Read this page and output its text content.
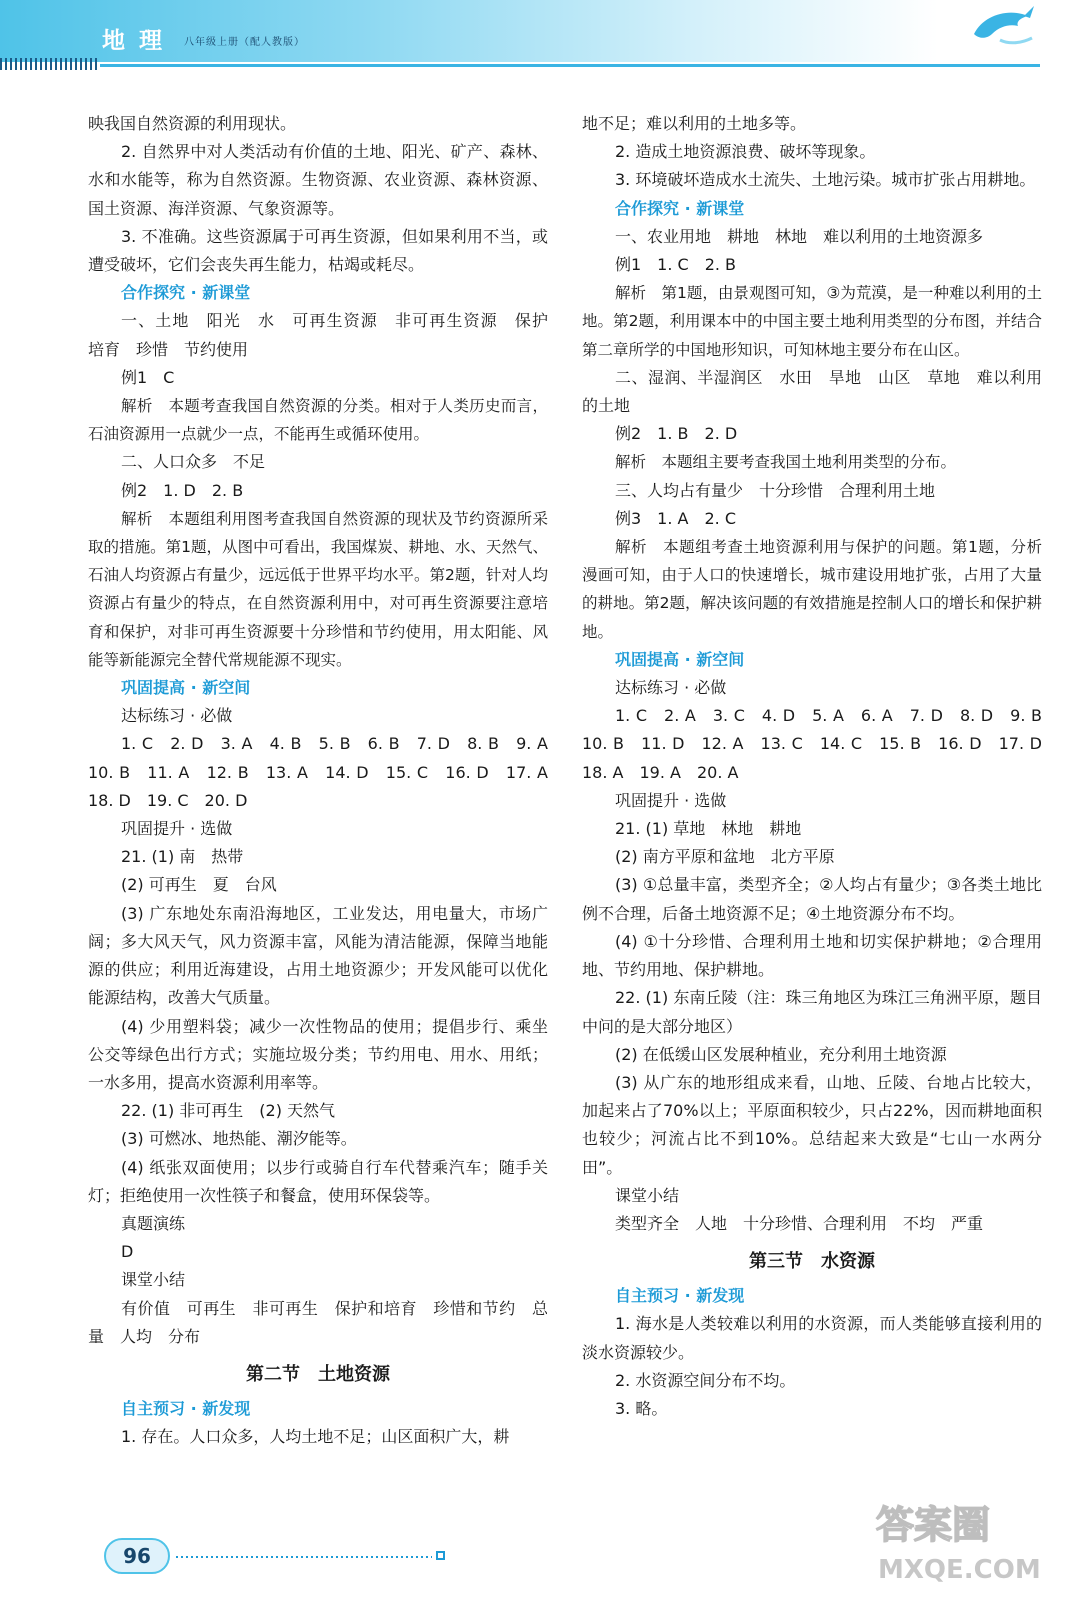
地理 八年级上册（配人教版）

映我国自然资源的利用现状。

2. 自然界中对人类活动有价值的土地、阳光、矿产、森林、水和水能等，称为自然资源。生物资源、农业资源、森林资源、国土资源、海洋资源、气象资源等。

3. 不准确。这些资源属于可再生资源，但如果利用不当，或遭受破坏，它们会丧失再生能力，枯竭或耗尽。

合作探究 · 新课堂

一、土地　阳光　水　可再生资源　非可再生资源　保护　培育　珍惜　节约使用

例1　C

解析　本题考查我国自然资源的分类。相对于人类历史而言，石油资源用一点就少一点，不能再生或循环使用。

二、人口众多　不足

例2　1. D　2. B

解析　本题组利用图考查我国自然资源的现状及节约资源所采取的措施。第1题，从图中可看出，我国煤炭、耕地、水、天然气、石油人均资源占有量少，远远低于世界平均水平。第2题，针对人均资源占有量少的特点，在自然资源利用中，对可再生资源要注意培育和保护，对非可再生资源要十分珍惜和节约使用，用太阳能、风能等新能源完全替代常规能源不现实。

巩固提高 · 新空间

达标练习 · 必做

1. C　2. D　3. A　4. B　5. B　6. B　7. D　8. B　9. A　10. B　11. A　12. B　13. A　14. D　15. C　16. D　17. A　18. D　19. C　20. D

巩固提升 · 选做

21. (1) 南　热带

(2) 可再生　夏　台风

(3) 广东地处东南沿海地区，工业发达，用电量大，市场广阔；多大风天气，风力资源丰富，风能为清洁能源，保障当地能源的供应；利用近海建设，占用土地资源少；开发风能可以优化能源结构，改善大气质量。

(4) 少用塑料袋；减少一次性物品的使用；提倡步行、乘坐公交等绿色出行方式；实施垃圾分类；节约用电、用水、用纸；一水多用，提高水资源利用率等。

22. (1) 非可再生　(2) 天然气

(3) 可燃冰、地热能、潮汐能等。

(4) 纸张双面使用；以步行或骑自行车代替乘汽车；随手关灯；拒绝使用一次性筷子和餐盒，使用环保袋等。

真题演练

D

课堂小结

有价值　可再生　非可再生　保护和培育　珍惜和节约　总量　人均　分布

第二节　土地资源

自主预习 · 新发现

1. 存在。人口众多，人均土地不足；山区面积广大，耕

地不足；难以利用的土地多等。

2. 造成土地资源浪费、破坏等现象。

3. 环境破坏造成水土流失、土地污染。城市扩张占用耕地。

合作探究 · 新课堂

一、农业用地　耕地　林地　难以利用的土地资源多

例1　1. C　2. B

解析　第1题，由景观图可知，③为荒漠，是一种难以利用的土地。第2题，利用课本中的中国主要土地利用类型的分布图，并结合第二章所学的中国地形知识，可知林地主要分布在山区。

二、湿润、半湿润区　水田　旱地　山区　草地　难以利用的土地

例2　1. B　2. D

解析　本题组主要考查我国土地利用类型的分布。

三、人均占有量少　十分珍惜　合理利用土地

例3　1. A　2. C

解析　本题组考查土地资源利用与保护的问题。第1题，分析漫画可知，由于人口的快速增长，城市建设用地扩张，占用了大量的耕地。第2题，解决该问题的有效措施是控制人口的增长和保护耕地。

巩固提高 · 新空间

达标练习 · 必做

1. C　2. A　3. C　4. D　5. A　6. A　7. D　8. D　9. B　10. B　11. D　12. A　13. C　14. C　15. B　16. D　17. D　18. A　19. A　20. A

巩固提升 · 选做

21. (1) 草地　林地　耕地

(2) 南方平原和盆地　北方平原

(3) ①总量丰富，类型齐全；②人均占有量少；③各类土地比例不合理，后备土地资源不足；④土地资源分布不均。

(4) ①十分珍惜、合理利用土地和切实保护耕地；②合理用地、节约用地、保护耕地。

22. (1) 东南丘陵（注：珠三角地区为珠江三角洲平原，题目中问的是大部分地区）

(2) 在低缓山区发展种植业，充分利用土地资源

(3) 从广东的地形组成来看，山地、丘陵、台地占比较大，加起来占了70%以上；平原面积较少，只占22%，因而耕地面积也较少；河流占比不到10%。总结起来大致是“七山一水两分田”。

课堂小结

类型齐全　人地　十分珍惜、合理利用　不均　严重

第三节　水资源

自主预习 · 新发现

1. 海水是人类较难以利用的水资源，而人类能够直接利用的淡水资源较少。

2. 水资源空间分布不均。

3. 略。

96
答案圈
MXQE.COM
